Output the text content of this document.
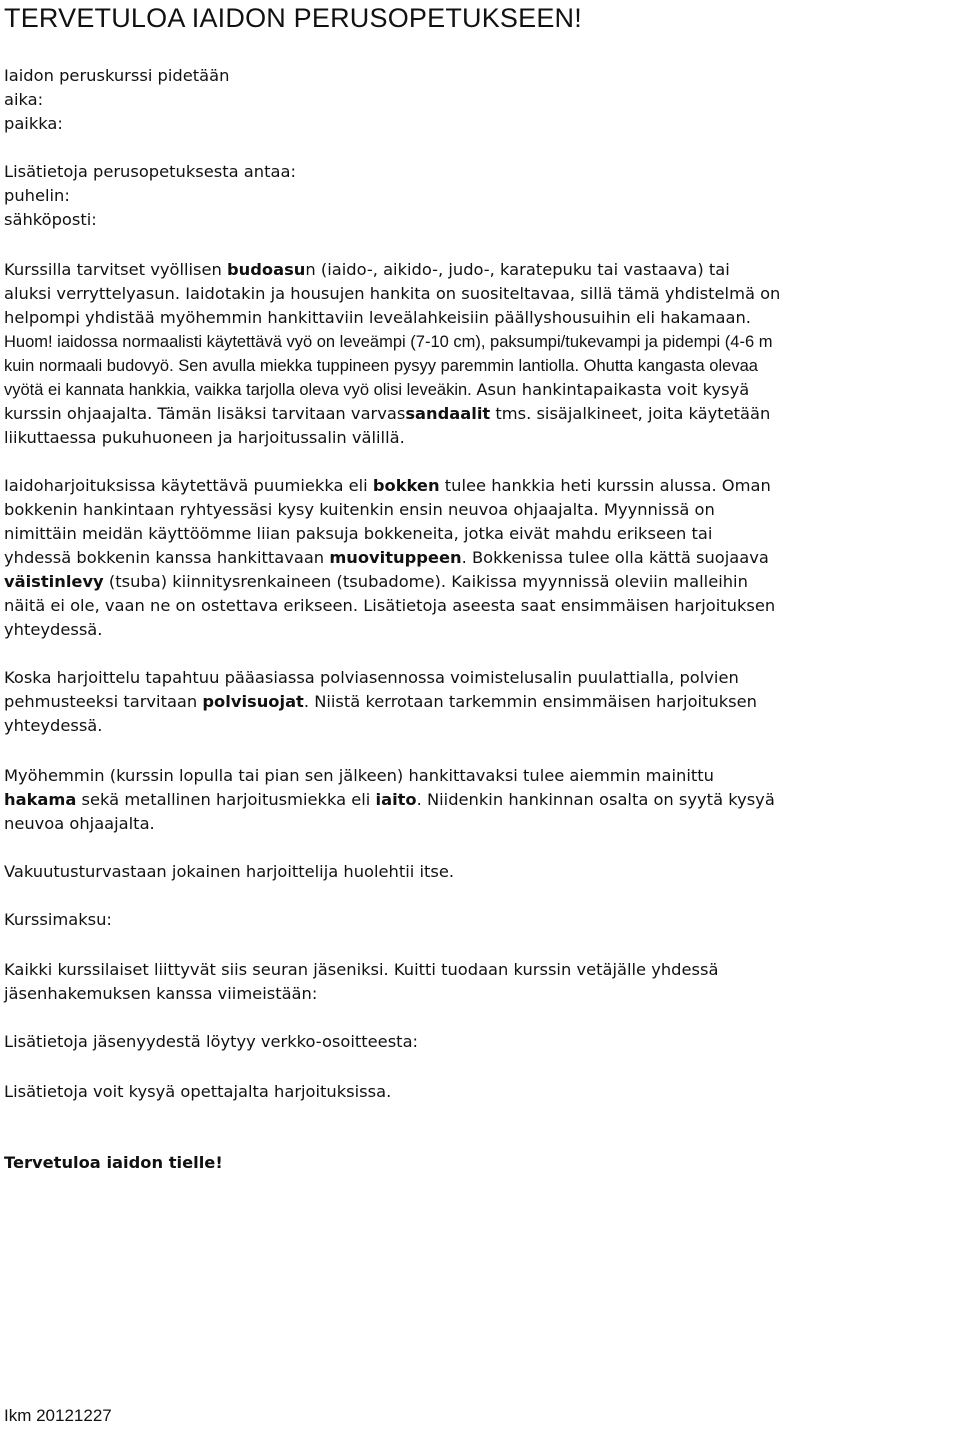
TERVETULOA IAIDON PERUSOPETUKSEEN!
Iaidon peruskurssi pidetään
aika:
paikka:
Lisätietoja perusopetuksesta antaa:
puhelin:
sähköposti:
Kurssilla tarvitset vyöllisen budoasun (iaido-, aikido-, judo-, karatepuku tai vastaava) tai
aluksi verryttelyasun. Iaidotakin ja housujen hankita on suositeltavaa, sillä tämä yhdistelmä on
helpompi yhdistää myöhemmin hankittaviin leveälahkeisiin päällyshousuihin eli hakamaan.
Huom! iaidossa normaalisti käytettävä vyö on leveämpi (7-10 cm), paksumpi/tukevampi ja pidempi (4-6 m
kuin normaali budovyö. Sen avulla miekka tuppineen pysyy paremmin lantiolla. Ohutta kangasta olevaa
vyötä ei kannata hankkia, vaikka tarjolla oleva vyö olisi leveäkin. Asun hankintapaikasta voit kysyä
kurssin ohjaajalta. Tämän lisäksi tarvitaan varvassandaalit tms. sisäjalkineet, joita käytetään
liikuttaessa pukuhuoneen ja harjoitussalin välillä.
Iaidoharjoituksissa käytettävä puumiekka eli bokken tulee hankkia heti kurssin alussa. Oman
bokkenin hankintaan ryhtyessäsi kysy kuitenkin ensin neuvoa ohjaajalta. Myynnissä on
nimittäin meidän käyttöömme liian paksuja bokkeneita, jotka eivät mahdu erikseen tai
yhdessä bokkenin kanssa hankittavaan muovituppeen. Bokkenissa tulee olla kättä suojaava
väistinlevy (tsuba) kiinnitysrenkaineen (tsubadome). Kaikissa myynnissä oleviin malleihin
näitä ei ole, vaan ne on ostettava erikseen. Lisätietoja aseesta saat ensimmäisen harjoituksen
yhteydessä.
Koska harjoittelu tapahtuu pääasiassa polviasennossa voimistelusalin puulattialla, polvien
pehmusteeksi tarvitaan polvisuojat. Niistä kerrotaan tarkemmin ensimmäisen harjoituksen
yhteydessä.
Myöhemmin (kurssin lopulla tai pian sen jälkeen) hankittavaksi tulee aiemmin mainittu
hakama sekä metallinen harjoitusmiekka eli iaito. Niidenkin hankinnan osalta on syytä kysyä
neuvoa ohjaajalta.
Vakuutusturvastaan jokainen harjoittelija huolehtii itse.
Kurssimaksu:
Kaikki kurssilaiset liittyvät siis seuran jäseniksi. Kuitti tuodaan kurssin vetäjälle yhdessä
jäsenhakemuksen kanssa viimeistään:
Lisätietoja jäsenyydestä löytyy verkko-osoitteesta:
Lisätietoja voit kysyä opettajalta harjoituksissa.
Tervetuloa iaidon tielle!
Ikm 20121227
